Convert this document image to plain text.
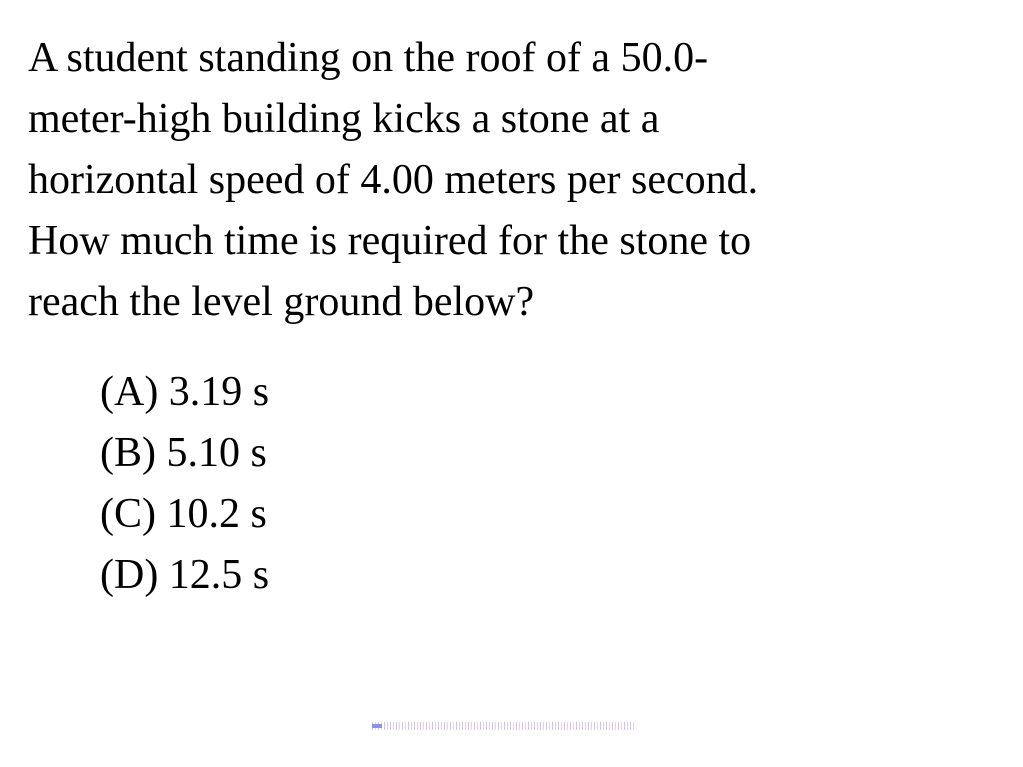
A student standing on the roof of a 50.0-
meter-high building kicks a stone at a
horizontal speed of 4.00 meters per second.
How much time is required for the stone to
reach the level ground below?

(A) 3.19 s
(B) 5.10 s
(C) 10.2 s
(D) 12.5 s
